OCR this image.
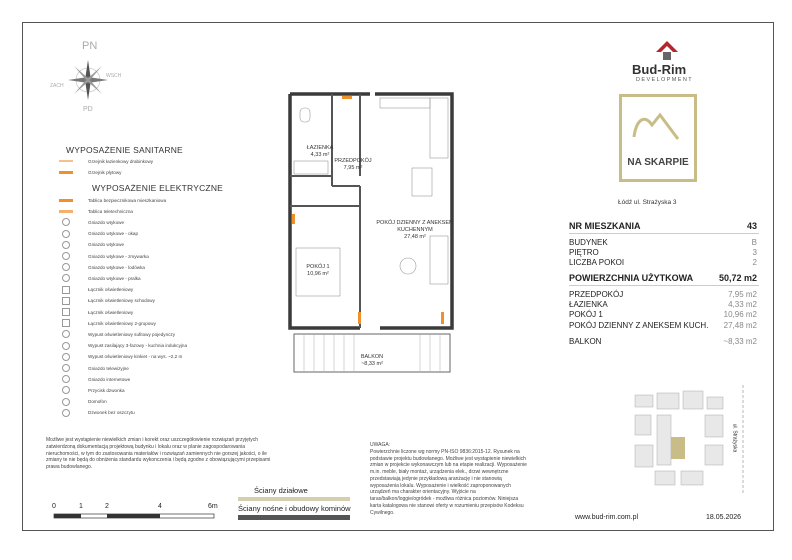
PN
PD
WSCH
ZACH
WYPOSAŻENIE SANITARNE
Grzejnik łazienkowy drabinkowy
Grzejnik płytowy
WYPOSAŻENIE ELEKTRYCZNE
Tablica bezpiecznikowa mieszkaniowa
Tablica teletechniczna
Gniazdo wtykowe
Gniazdo wtykowe - okap
Gniazdo wtykowe
Gniazdo wtykowe - zmywarka
Gniazdo wtykowe - lodówka
Gniazdo wtykowe - pralka
Łącznik oświetleniowy
Łącznik oświetleniowy schodowy
Łącznik oświetleniowy
Łącznik oświetleniowy 2-grupowy
Wypust oświetleniowy sufitowy pojedynczy
Wypust zasilający 3-fazowy - kuchnia indukcyjna
Wypust oświetleniowy kinkiet - na wys. ~2,2 m
Gniazdo telewizyjne
Gniazdo internetowe
Przycisk dzwonka
Domofon
Dzwonek bez oszczytu
Możliwe jest wystąpienie niewielkich zmian i korekt oraz uszczegółowienie rozwiązań przyjętych zatwierdzoną dokumentacją projektową budynku i lokalu oraz w planie zagospodarowania nieruchomości, w tym do zastosowania materiałów i rozwiązań zamiennych nie gorszej jakości, o ile zmiany te nie będą do obniżenia standardu wykonczenia i będą zgodne z obowiązującymi przepisami prawa budowlanego.
0	1	2	4	6m
Ściany działowe
Ściany nośne i obudowy kominów
ŁAZIENKA
4,33 m²
PRZEDPOKÓJ
7,95 m²
POKÓJ DZIENNY Z ANEKSEM KUCHENNYM
27,48 m²
POKÓJ 1
10,96 m²
BALKON
~8,33 m²
UWAGA:
Powierzchnie liczone wg normy PN-ISO 9836:2015-12. Rysunek na podstawie projektu budowlanego. Możliwe jest wystąpienie niewielkich zmian w projekcie wykonawczym lub na etapie realizacji. Wyposażenie m.in. meble, biały montaż, urządzenia elek., drzwi wewnętrzne przedstawiają jedynie przykładową aranżację i nie stanowią wyposażenia lokalu. Wyposażenie i wielkość zaproponowanych urządzeń ma charakter orientacyjny. Wyjście na taras/balkon/loggie/ogródek - możliwa różnica poziomów. Niniejsza karta katalogowa nie stanowi oferty w rozumieniu przepisów Kodeksu Cywilnego.
Bud-Rim
DEVELOPMENT
NA SKARPIE
Łódź ul. Strażyska 3
NR MIESZKANIA	43
BUDYNEK	B
PIĘTRO	3
LICZBA POKOI	2
POWIERZCHNIA UŻYTKOWA	50,72 m2
PRZEDPOKÓJ	7,95 m2
ŁAZIENKA	4,33 m2
POKÓJ 1	10,96 m2
POKÓJ DZIENNY Z ANEKSEM KUCH. 27,48 m2
BALKON	~8,33 m2
ul. Strażyska
www.bud-rim.com.pl	18.05.2026
